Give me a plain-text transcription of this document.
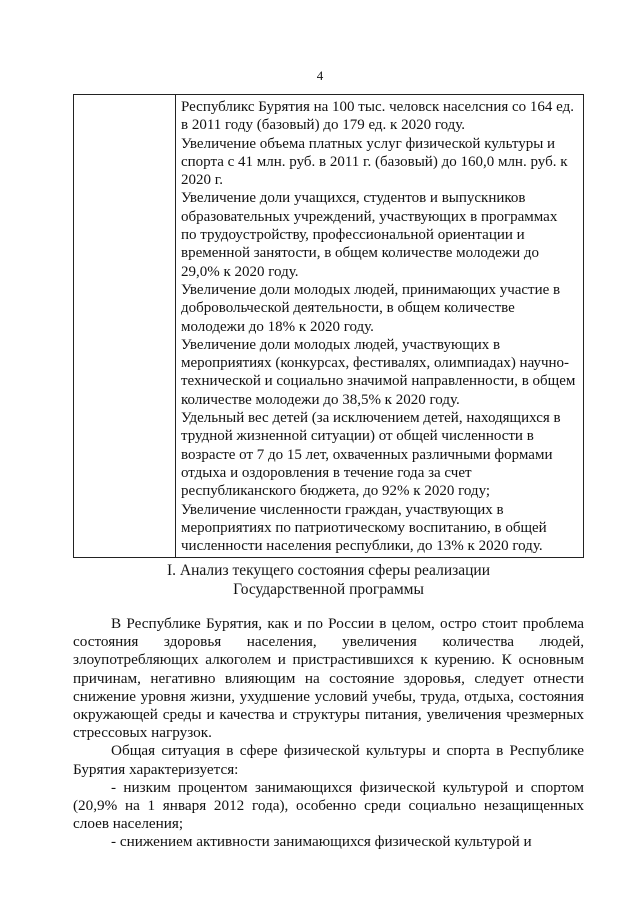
4

Республикс Бурятия на 100 тыс. человск населсния со 164 ед.
в 2011 году (базовый) до 179 ед. к 2020 году.
Увеличение объема платных услуг физической культуры и
спорта с 41 млн. руб. в 2011 г. (базовый) до 160,0 млн. руб. к
2020 г.
Увеличение доли учащихся, студентов и выпускников
образовательных учреждений, участвующих в программах
по трудоустройству, профессиональной ориентации и
временной занятости, в общем количестве молодежи до
29,0% к 2020 году.
Увеличение доли молодых людей, принимающих участие в
добровольческой деятельности, в общем количестве
молодежи до 18% к 2020 году.
Увеличение доли молодых людей, участвующих в
мероприятиях (конкурсах, фестивалях, олимпиадах) научно-
технической и социально значимой направленности, в общем
количестве молодежи до 38,5% к 2020 году.
Удельный вес детей (за исключением детей, находящихся в
трудной жизненной ситуации) от общей численности в
возрасте от 7 до 15 лет, охваченных различными формами
отдыха и оздоровления в течение года за счет
республиканского бюджета, до 92% к 2020 году;
Увеличение численности граждан, участвующих в
мероприятиях по патриотическому воспитанию, в общей
численности населения республики, до 13% к 2020 году.
I. Анализ текущего состояния сферы реализации
Государственной программы

В Республике Бурятия, как и по России в целом, остро стоит проблема состояния здоровья населения, увеличения количества людей, злоупотребляющих алкоголем и пристрастившихся к курению. К основным причинам, негативно влияющим на состояние здоровья, следует отнести снижение уровня жизни, ухудшение условий учебы, труда, отдыха, состояния окружающей среды и качества и структуры питания, увеличения чрезмерных стрессовых нагрузок.

Общая ситуация в сфере физической культуры и спорта в Республике Бурятия характеризуется:

- низким процентом занимающихся физической культурой и спортом (20,9% на 1 января 2012 года), особенно среди социально незащищенных слоев населения;

- снижением активности занимающихся физической культурой и
